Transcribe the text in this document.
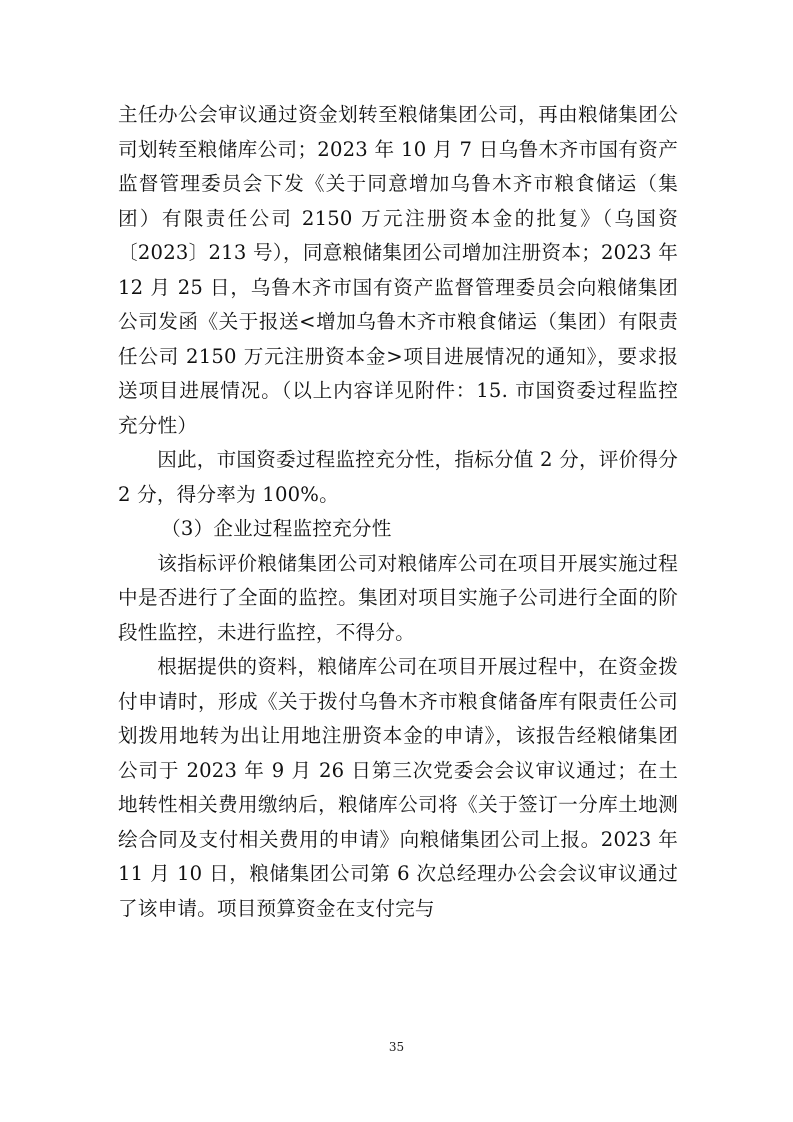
主任办公会审议通过资金划转至粮储集团公司，再由粮储集团公司划转至粮储库公司；2023 年 10 月 7 日乌鲁木齐市国有资产监督管理委员会下发《关于同意增加乌鲁木齐市粮食储运（集团）有限责任公司 2150 万元注册资本金的批复》（乌国资〔2023〕213 号），同意粮储集团公司增加注册资本；2023 年 12 月 25 日，乌鲁木齐市国有资产监督管理委员会向粮储集团公司发函《关于报送<增加乌鲁木齐市粮食储运（集团）有限责任公司 2150 万元注册资本金>项目进展情况的通知》，要求报送项目进展情况。（以上内容详见附件：15. 市国资委过程监控充分性）

因此，市国资委过程监控充分性，指标分值 2 分，评价得分 2 分，得分率为 100%。

（3）企业过程监控充分性

该指标评价粮储集团公司对粮储库公司在项目开展实施过程中是否进行了全面的监控。集团对项目实施子公司进行全面的阶段性监控，未进行监控，不得分。

根据提供的资料，粮储库公司在项目开展过程中，在资金拨付申请时，形成《关于拨付乌鲁木齐市粮食储备库有限责任公司划拨用地转为出让用地注册资本金的申请》，该报告经粮储集团公司于 2023 年 9 月 26 日第三次党委会会议审议通过；在土地转性相关费用缴纳后，粮储库公司将《关于签订一分库土地测绘合同及支付相关费用的申请》向粮储集团公司上报。2023 年 11 月 10 日，粮储集团公司第 6 次总经理办公会会议审议通过了该申请。项目预算资金在支付完与

35
